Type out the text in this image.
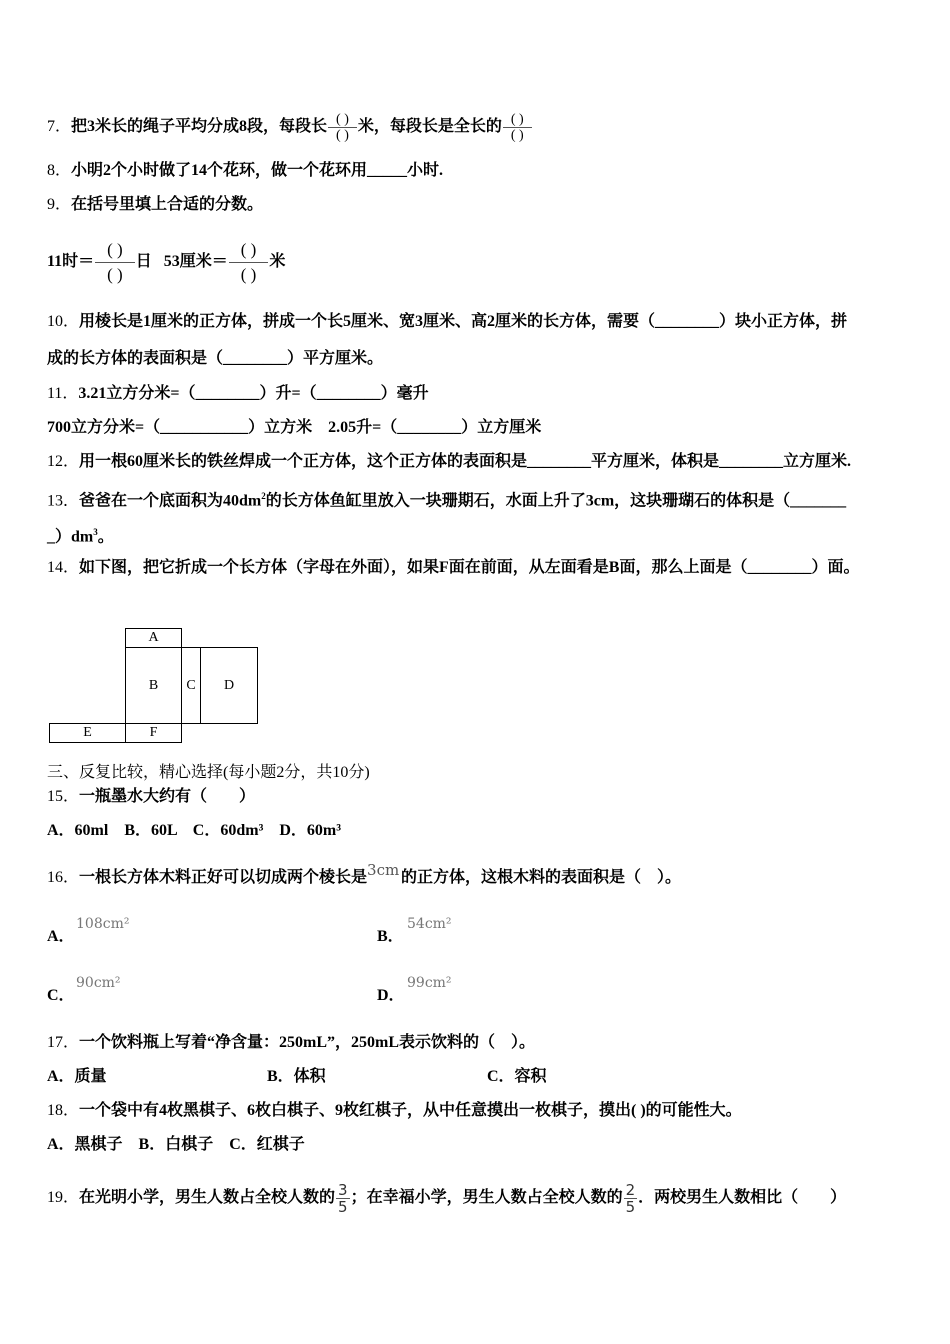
7．把3米长的绳子平均分成8段，每段长 $\frac{( )}{( )}$ 米，每段长是全长的 $\frac{( )}{( )}$
8．小明2个小时做了14个花环，做一个花环用_____小时.
9．在括号里填上合适的分数。
11时＝ $\frac{( )}{( )}$ 日 53厘米＝ $\frac{( )}{( )}$ 米
10．用棱长是1厘米的正方体，拼成一个长5厘米、宽3厘米、高2厘米的长方体，需要（________）块小正方体，拼
成的长方体的表面积是（________）平方厘米。
11．3.21立方分米=（________）升=（________）毫升
700立方分米=（___________）立方米    2.05升=（________）立方厘米
12．用一根60厘米长的铁丝焊成一个正方体，这个正方体的表面积是________平方厘米，体积是________立方厘米.
13．爸爸在一个底面积为$40dm^2$的长方体鱼缸里放入一块珊期石，水面上升了3cm，这块珊瑚石的体积是（_______
$\_)dm^3$。
14．如下图，把它折成一个长方体（字母在外面），如果F面在前面，从左面看是B面，那么上面是（________）面。
A
B	C	D
E	F
三、反复比较，精心选择(每小题2分，共10分)
15．一瓶墨水大约有（　　）
A．60ml　B．60L　C．60dm³　D．60m³
16．一根长方体木料正好可以切成两个棱长是 3cm 的正方体，这根木料的表面积是（　）。
A．
108cm²
B．
54cm²
C．
90cm²
D．
99cm²
17．一个饮料瓶上写着“净含量：250mL”，250mL表示饮料的（　）。
A．质量	B．体积	C．容积
18．一个袋中有4枚黑棋子、6枚白棋子、9枚红棋子，从中任意摸出一枚棋子，摸出( )的可能性大。
A．黑棋子　B．白棋子　C．红棋子
19．在光明小学，男生人数占全校人数的 $\frac{3}{5}$ ；在幸福小学，男生人数占全校人数的 $\frac{2}{5}$ ．两校男生人数相比（　　）
